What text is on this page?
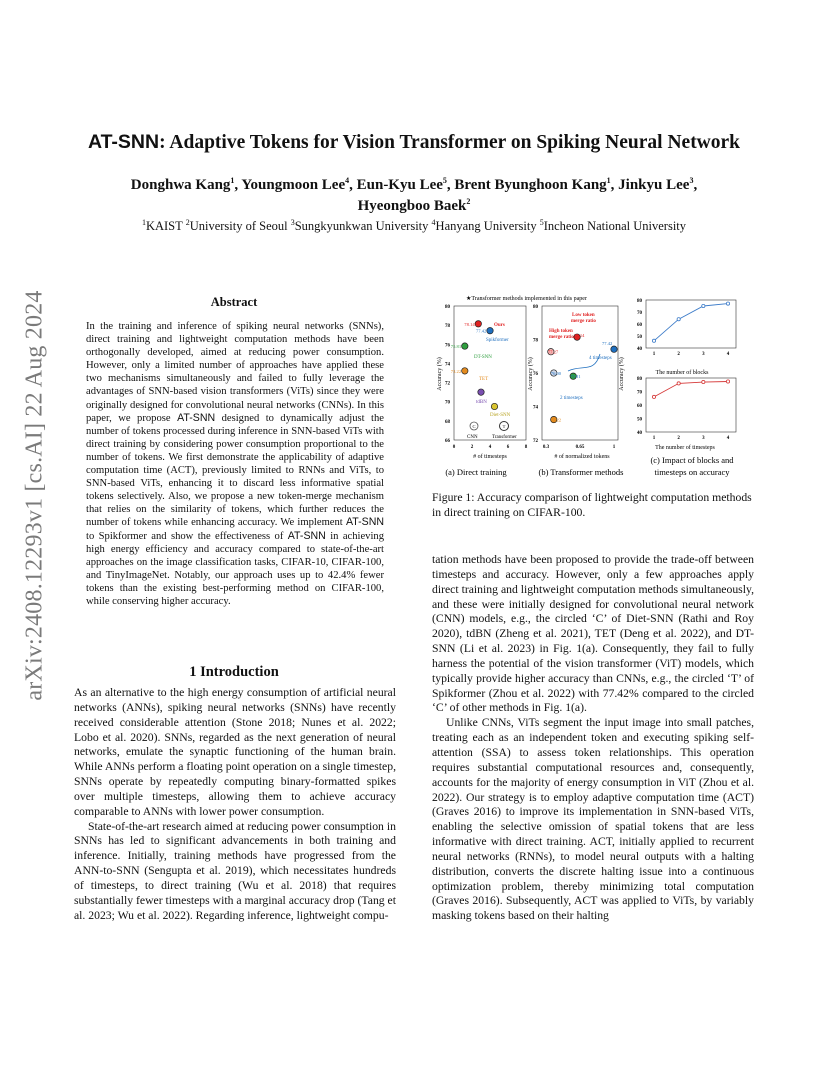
arXiv:2408.12293v1 [cs.AI] 22 Aug 2024
AT-SNN: Adaptive Tokens for Vision Transformer on Spiking Neural Network
Donghwa Kang$^1$, Youngmoon Lee$^4$, Eun-Kyu Lee$^5$, Brent Byunghoon Kang$^1$, Jinkyu Lee$^3$,
Hyeongboo Baek$^2$
$^1$KAIST $^2$University of Seoul $^3$Sungkyunkwan University $^4$Hanyang University $^5$Incheon National University
Abstract
In the training and inference of spiking neural networks (SNNs), direct training and lightweight computation methods have been orthogonally developed, aimed at reducing power consumption. However, only a limited number of approaches have applied these two mechanisms simultaneously and failed to fully leverage the advantages of SNN-based vision transformers (ViTs) since they were originally designed for convolutional neural networks (CNNs). In this paper, we propose AT-SNN designed to dynamically adjust the number of tokens processed during inference in SNN-based ViTs with direct training by considering power consumption proportional to the number of tokens. We first demonstrate the applicability of adaptive computation time (ACT), previously limited to RNNs and ViTs, to SNN-based ViTs, enhancing it to discard less informative spatial tokens selectively. Also, we propose a new token-merge mechanism that relies on the similarity of tokens, which further reduces the number of tokens while enhancing accuracy. We implement AT-SNN to Spikformer and show the effectiveness of AT-SNN in achieving high energy efficiency and accuracy compared to state-of-the-art approaches on the image classification tasks, CIFAR-10, CIFAR-100, and TinyImageNet. Notably, our approach uses up to 42.4% fewer tokens than the existing best-performing method on CIFAR-100, while conserving higher accuracy.
1 Introduction

As an alternative to the high energy consumption of artificial neural networks (ANNs), spiking neural networks (SNNs) have recently received considerable attention (Stone 2018; Nunes et al. 2022; Lobo et al. 2020). SNNs, regarded as the next generation of neural networks, emulate the synaptic functioning of the human brain. While ANNs perform a floating point operation on a single timestep, SNNs operate by repeatedly computing binary-formatted spikes over multiple timesteps, allowing them to achieve accuracy comparable to ANNs with lower power consumption.

State-of-the-art research aimed at reducing power consumption in SNNs has led to significant advancements in both training and inference. Initially, training methods have progressed from the ANN-to-SNN (Sengupta et al. 2019), which necessitates hundreds of timesteps, to direct training (Wu et al. 2018) that requires substantially fewer timesteps with a marginal accuracy drop (Tang et al. 2023; Wu et al. 2022). Regarding inference, lightweight compu-

★Transformer methods implemented in this paper
Accuracy (%)
# of timesteps
(a) Direct training
66
68
70
72
74
76
78
80
0	2	4	6	8
78.14
77.42
75.81
73.22
Ours
Spikformer
DT-SNN
TET
tdBN
Diet-SNN
C
CNN
T
Transformer
Accuracy (%)
# of normalized tokens
(b) Transformer methods
72
74
76
78
80
0.3	0.65	1
78.14
77.27
77.42
75.81
76.00
73.22
Low token
merge ratio
High token
merge ratio
4 timesteps
2 timesteps
Accuracy (%)
40
50
60
70
80
1	2	3	4
40
50
60
70
80
1	2	3	4
The number of blocks
The number of timesteps
(c) Impact of blocks and
timesteps on accuracy
Figure 1: Accuracy comparison of lightweight computation methods in direct training on CIFAR-100.

tation methods have been proposed to provide the trade-off between timesteps and accuracy. However, only a few approaches apply direct training and lightweight computation methods simultaneously, and these were initially designed for convolutional neural network (CNN) models, e.g., the circled ‘C’ of Diet-SNN (Rathi and Roy 2020), tdBN (Zheng et al. 2021), TET (Deng et al. 2022), and DT-SNN (Li et al. 2023) in Fig. 1(a). Consequently, they fail to fully harness the potential of the vision transformer (ViT) models, which typically provide higher accuracy than CNNs, e.g., the circled ‘T’ of Spikformer (Zhou et al. 2022) with 77.42% compared to the circled ‘C’ of other methods in Fig. 1(a).

Unlike CNNs, ViTs segment the input image into small patches, treating each as an independent token and executing spiking self-attention (SSA) to assess token relationships. This operation requires substantial computational resources and, consequently, accounts for the majority of energy consumption in ViT (Zhou et al. 2022). Our strategy is to employ adaptive computation time (ACT) (Graves 2016) to improve its implementation in SNN-based ViTs, enabling the selective omission of spatial tokens that are less informative with direct training. ACT, initially applied to recurrent neural networks (RNNs), to model neural outputs with a halting distribution, converts the discrete halting issue into a continuous optimization problem, thereby minimizing total computation (Graves 2016). Subsequently, ACT was applied to ViTs, by variably masking tokens based on their halting
